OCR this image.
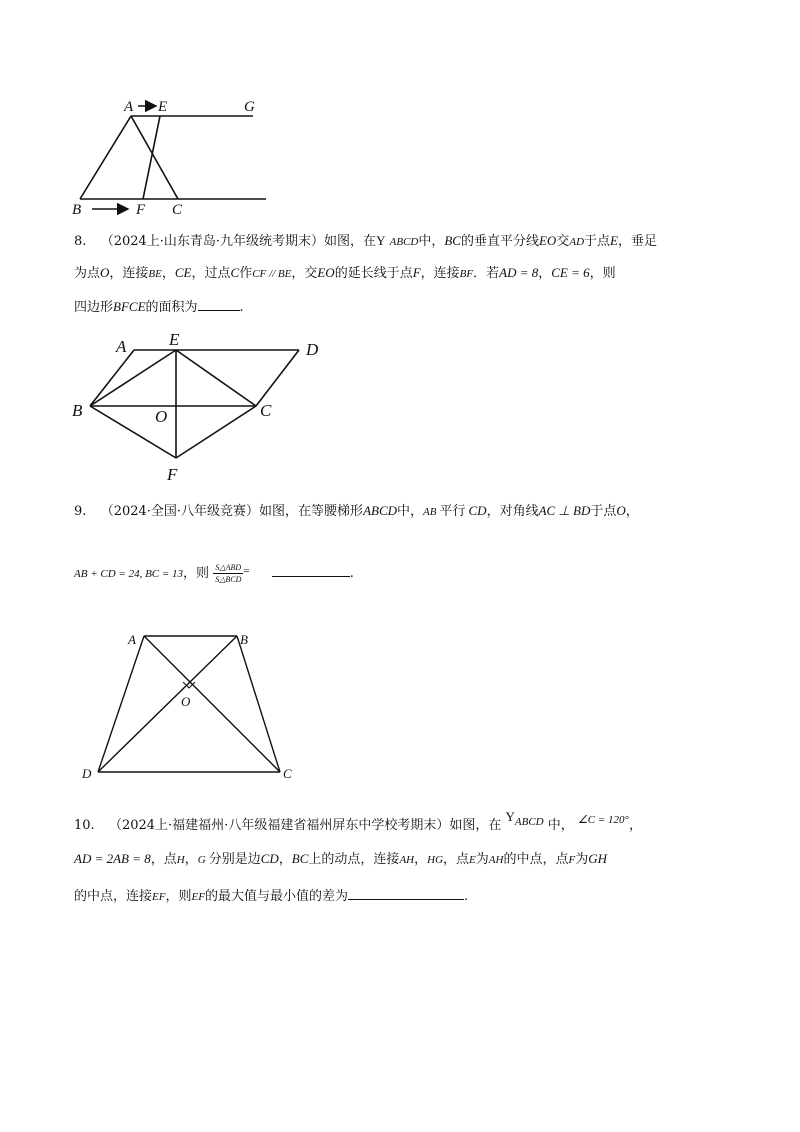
A E	G
B	F C
8. （2024上·山东青岛·九年级统考期末）如图，在Y ABCD中，BC的垂直平分线EO交AD于点E，垂足
为点O，连接BE，CE，过点C作CF // BE，交EO的延长线于点F，连接BF．若AD = 8，CE = 6，则
四边形BFCE的面积为	.
A	E
D
B	O	C
F
9. （2024·全国·八年级竞赛）如图，在等腰梯形ABCD中，AB 平行 CD，对角线AC ⊥ BD于点O，
AB + CD = 24, BC = 13，则 $\frac{\text{S△ABD}}{\text{S△BCD}} ^=$	.
A	B
O
D	C
10. （2024上·福建福州·八年级福建省福州屏东中学校考期末）如图，在 $Y^{ABCD}$ 中， $^{\angle C = 120^\circ}$，
AD = 2AB = 8，点H，G 分别是边CD，BC上的动点，连接AH，HG，点E为AH的中点，点F为GH
的中点，连接EF，则EF的最大值与最小值的差为	.
